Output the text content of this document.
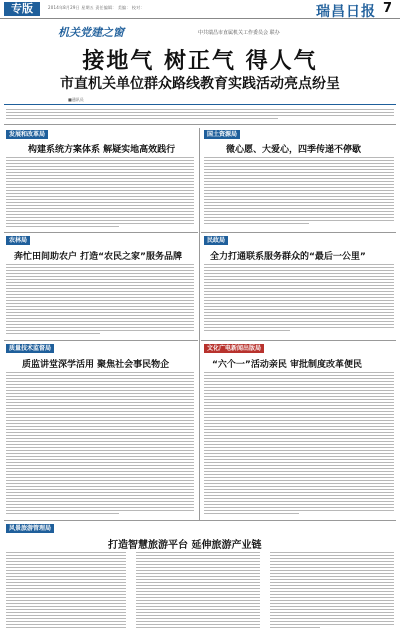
专版	2014年8月29日 星期五 责任编辑： 美编： 校对：	瑞昌日报 7
机关党建之窗	中共瑞昌市直属机关工作委员会 联办
接地气 树正气 得人气
市直机关单位群众路线教育实践活动亮点纷呈
■通讯员
发展和改革局
构建系统方案体系 解疑实地高效践行
国土资源局
微心愿、大爱心，四季传递不停歇
农林局
奔忙田间助农户 打造“农民之家”服务品牌
民政局
全力打通联系服务群众的“最后一公里”
质量技术监督局
质监讲堂深学活用 聚焦社会事民物企
文化广电新闻出版局
“六个一”活动亲民 审批制度改革便民
风景旅游管理局
打造智慧旅游平台 延伸旅游产业链
